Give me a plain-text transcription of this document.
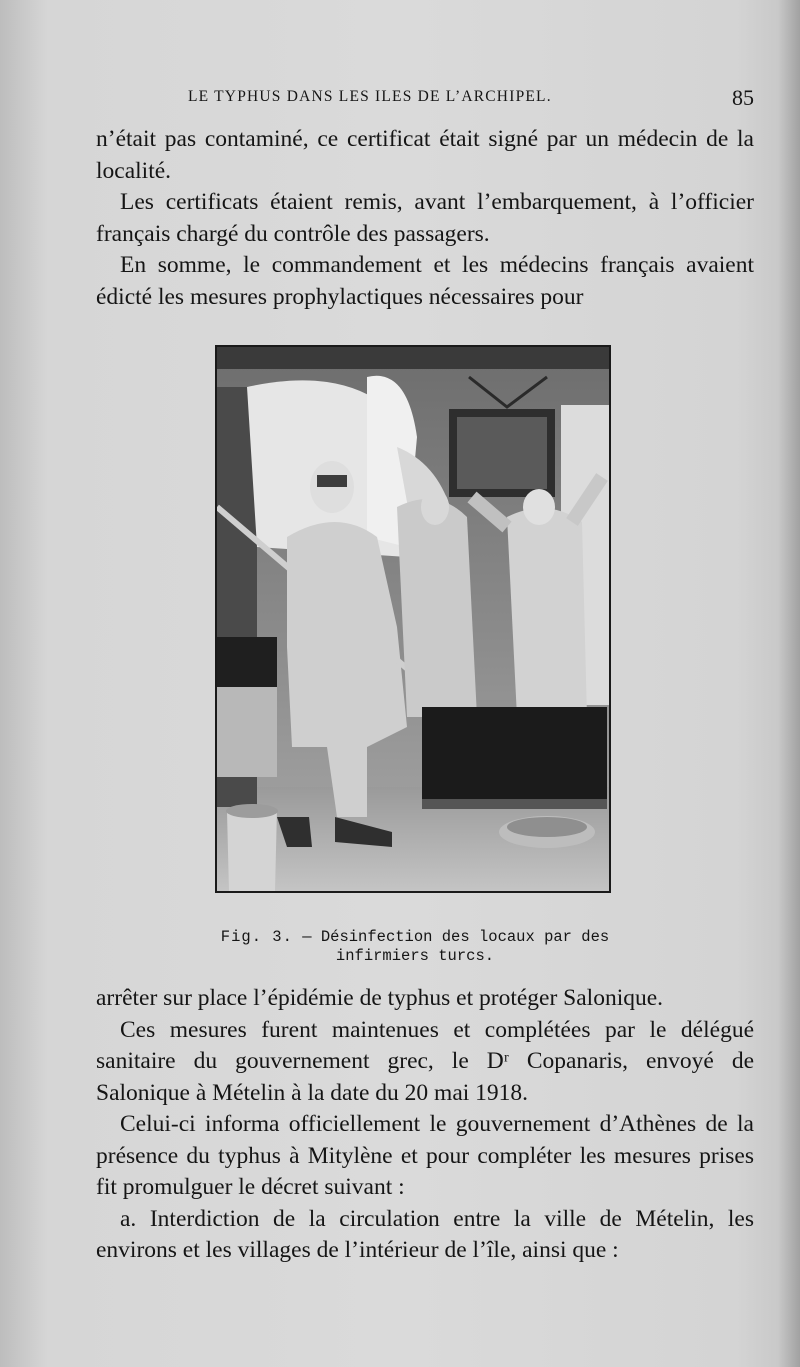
LE TYPHUS DANS LES ILES DE L’ARCHIPEL.	85

n’était pas contaminé, ce certificat était signé par un médecin de la localité.

Les certificats étaient remis, avant l’embarquement, à l’officier français chargé du contrôle des passagers.

En somme, le commandement et les médecins français avaient édicté les mesures prophylactiques nécessaires pour

Fig. 3. — Désinfection des locaux par des infirmiers turcs.

arrêter sur place l’épidémie de typhus et protéger Salonique.

Ces mesures furent maintenues et complétées par le délégué sanitaire du gouvernement grec, le Dʳ Copanaris, envoyé de Salonique à Mételin à la date du 20 mai 1918.

Celui-ci informa officiellement le gouvernement d’Athènes de la présence du typhus à Mitylène et pour compléter les mesures prises fit promulguer le décret suivant :

a. Interdiction de la circulation entre la ville de Mételin, les environs et les villages de l’intérieur de l’île, ainsi que :
